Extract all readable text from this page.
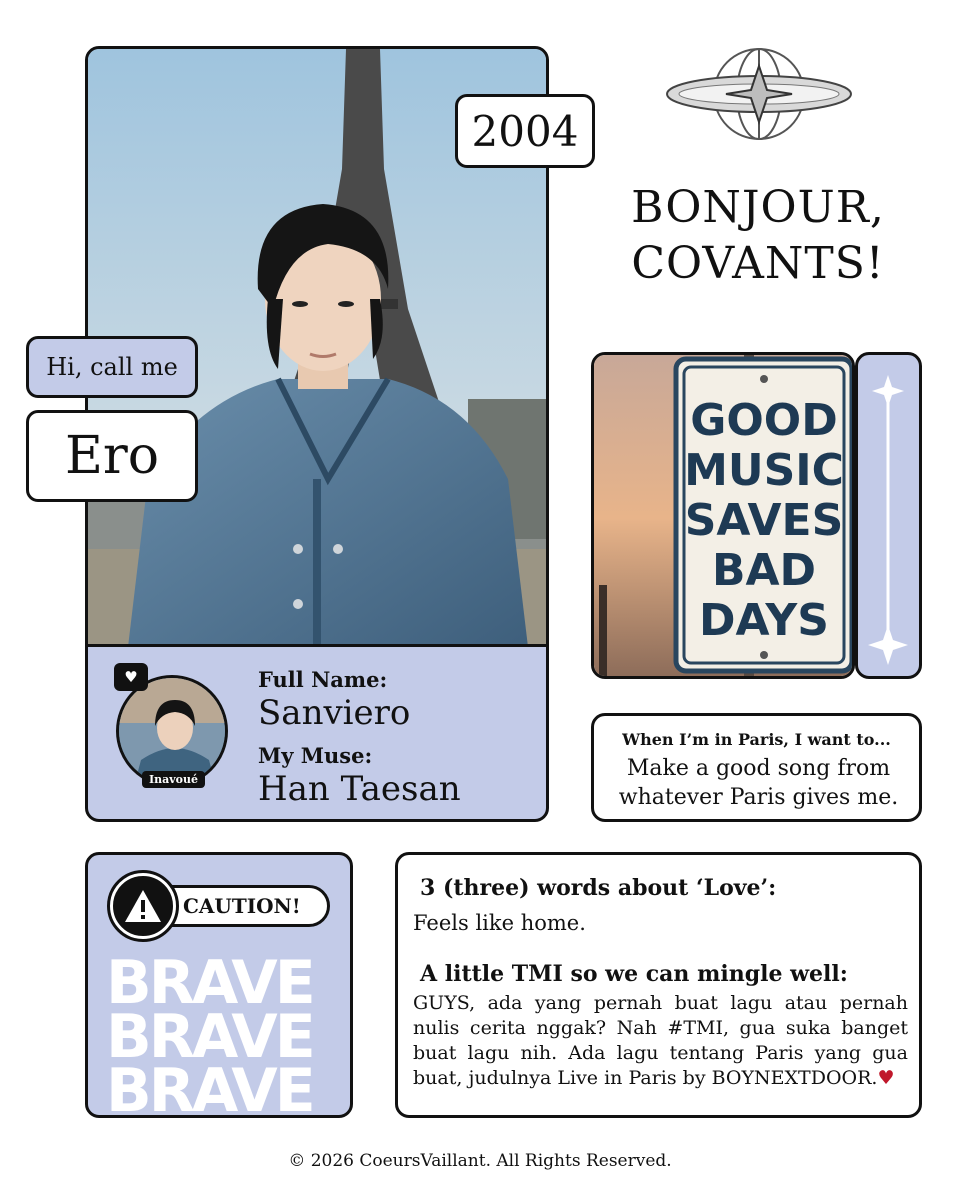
♥
Inavoué
Full Name:
Sanviero
My Muse:
Han Taesan
Hi, call me
Ero
2004
BONJOUR,
COVANTS!
GOOD
MUSIC
SAVES
BAD
DAYS
When I’m in Paris, I want to...
Make a good song from whatever Paris gives me.
CAUTION!
BRAVE
BRAVE
BRAVE
3 (three) words about ‘Love’:
Feels like home.
A little TMI so we can mingle well:
GUYS, ada yang pernah buat lagu atau pernah nulis cerita nggak? Nah #TMI, gua suka banget buat lagu nih. Ada lagu tentang Paris yang gua buat, judulnya Live in Paris by BOYNEXTDOOR.♥
© 2026 CoeursVaillant. All Rights Reserved.
